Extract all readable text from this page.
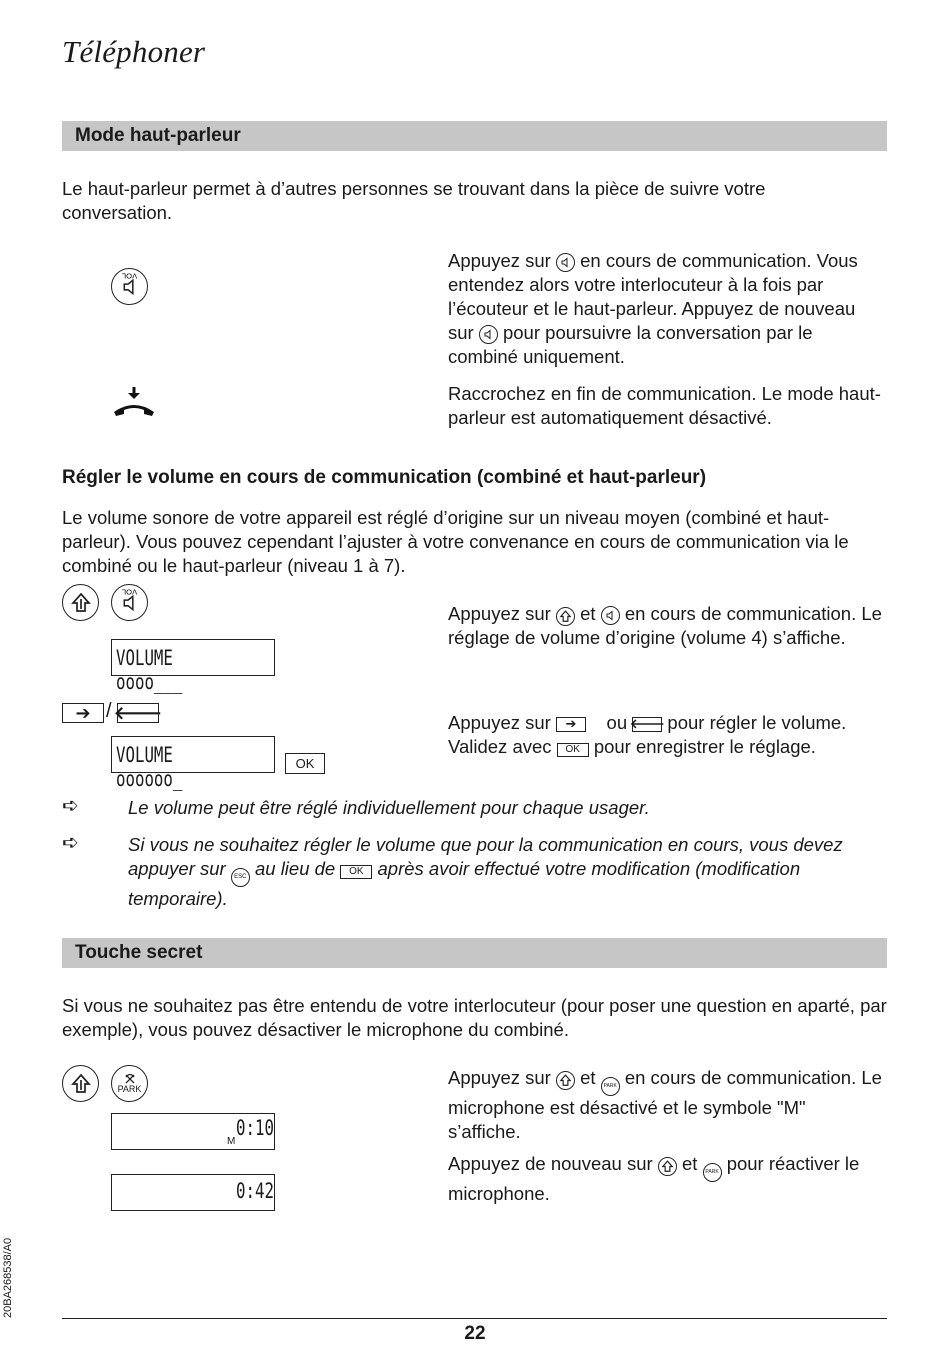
Téléphoner
Mode haut-parleur
Le haut-parleur permet à d’autres personnes se trouvant dans la pièce de suivre votre conversation.
VOL
Appuyez sur en cours de communication. Vous entendez alors votre interlocuteur à la fois par l’écouteur et le haut-parleur. Appuyez de nouveau sur pour poursuivre la conversation par le combiné uniquement.
Raccrochez en fin de communication. Le mode haut-parleur est automatiquement désactivé.
Régler le volume en cours de communication (combiné et haut-parleur)
Le volume sonore de votre appareil est réglé d’origine sur un niveau moyen (combiné et haut-parleur). Vous pouvez cependant l’ajuster à votre convenance en cours de communication via le combiné ou le haut-parleur (niveau 1 à 7).
VOL
VOLUME oooo___
➔ / 🡐
VOLUME oooooo_
OK
Appuyez sur et en cours de communication. Le réglage de volume d’origine (volume 4) s’affiche.
Appuyez sur ➔ ou 🡐 pour régler le volume.
Validez avec OK pour enregistrer le réglage.
➪	Le volume peut être réglé individuellement pour chaque usager.
➪	Si vous ne souhaitez régler le volume que pour la communication en cours, vous devez appuyer sur ESC au lieu de OK après avoir effectué votre modification (modification temporaire).
Touche secret
Si vous ne souhaitez pas être entendu de votre interlocuteur (pour poser une question en aparté, par exemple), vous pouvez désactiver le microphone du combiné.
PARK
0:10
M
0:42
Appuyez sur et PARK en cours de communication. Le microphone est désactivé et le symbole "M" s’affiche.
Appuyez de nouveau sur et PARK pour réactiver le microphone.
20BA268538/A0
22
